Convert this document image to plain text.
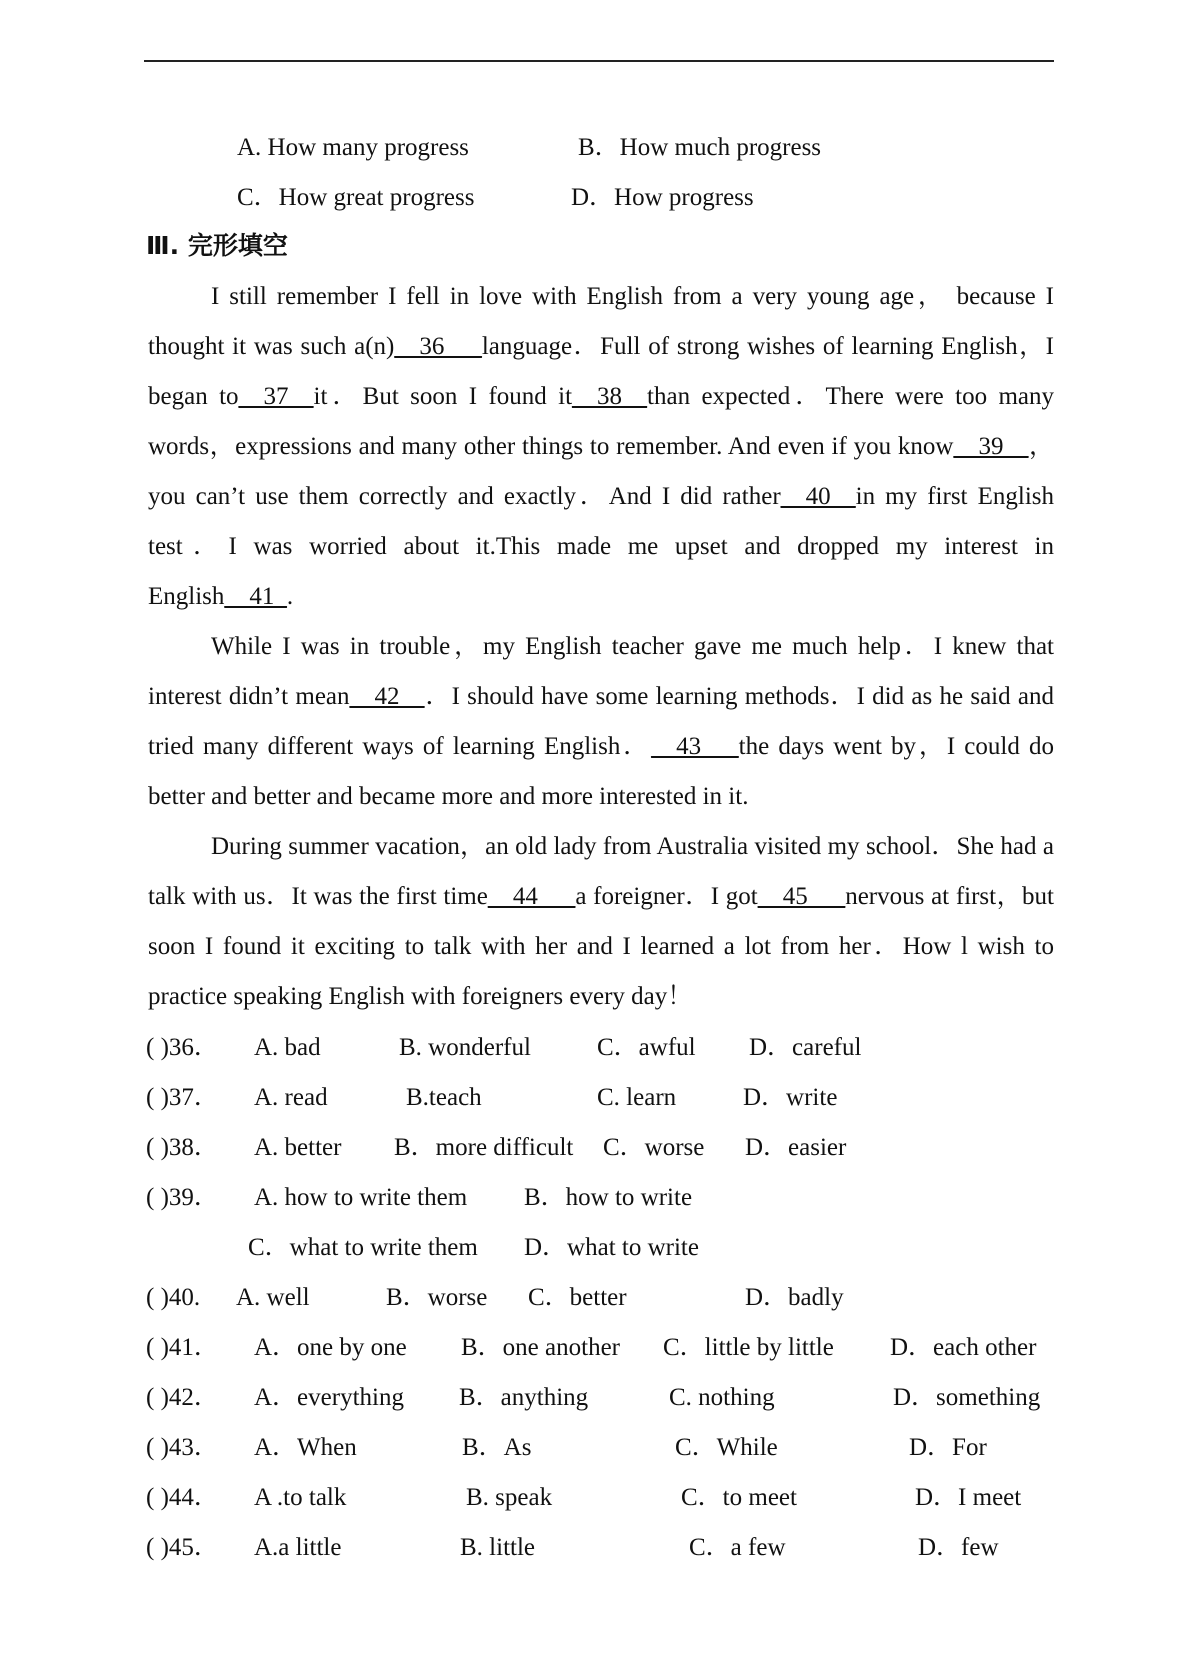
A. How many progress	B．How much progress
C．How great progress	D．How progress
Ⅲ. 完形填空
I still remember I fell in love with English from a very young age， because I thought it was such a(n)__36___language．Full of strong wishes of learning English，I began to__37__it．But soon I found it__38__than expected．There were too many words，expressions and many other things to remember. And even if you know__39__，you can’t use them correctly and exactly．And I did rather__40__in my first English test．I was worried about it.This made me upset and dropped my interest in English__41_.
While I was in trouble，my English teacher gave me much help．I knew that interest didn’t mean__42__．I should have some learning methods．I did as he said and tried many different ways of learning English．__43___the days went by，I could do better and better and became more and more interested in it.
During summer vacation，an old lady from Australia visited my school．She had a talk with us．It was the first time__44___a foreigner．I got__45___nervous at first，but soon I found it exciting to talk with her and I learned a lot from her．How l wish to practice speaking English with foreigners every day！
( )36． A. bad	B. wonderful	C．awful D．careful
( )37． A. read	B.teach	C. learn	D．write
( )38． A. better B．more difficult C．worse D．easier
( )39． A. how to write them B．how to write
C．what to write them D．what to write
( )40. A. well	B．worse C．better	D．badly
( )41． A．one by one B．one another C．little by little D．each other
( )42． A．everything B．anything	C. nothing	D．something
( )43． A．When	B．As	C．While	D．For
( )44． A .to talk	B. speak	C．to meet	D．I meet
( )45． A.a little	B. little	C．a few	D．few
